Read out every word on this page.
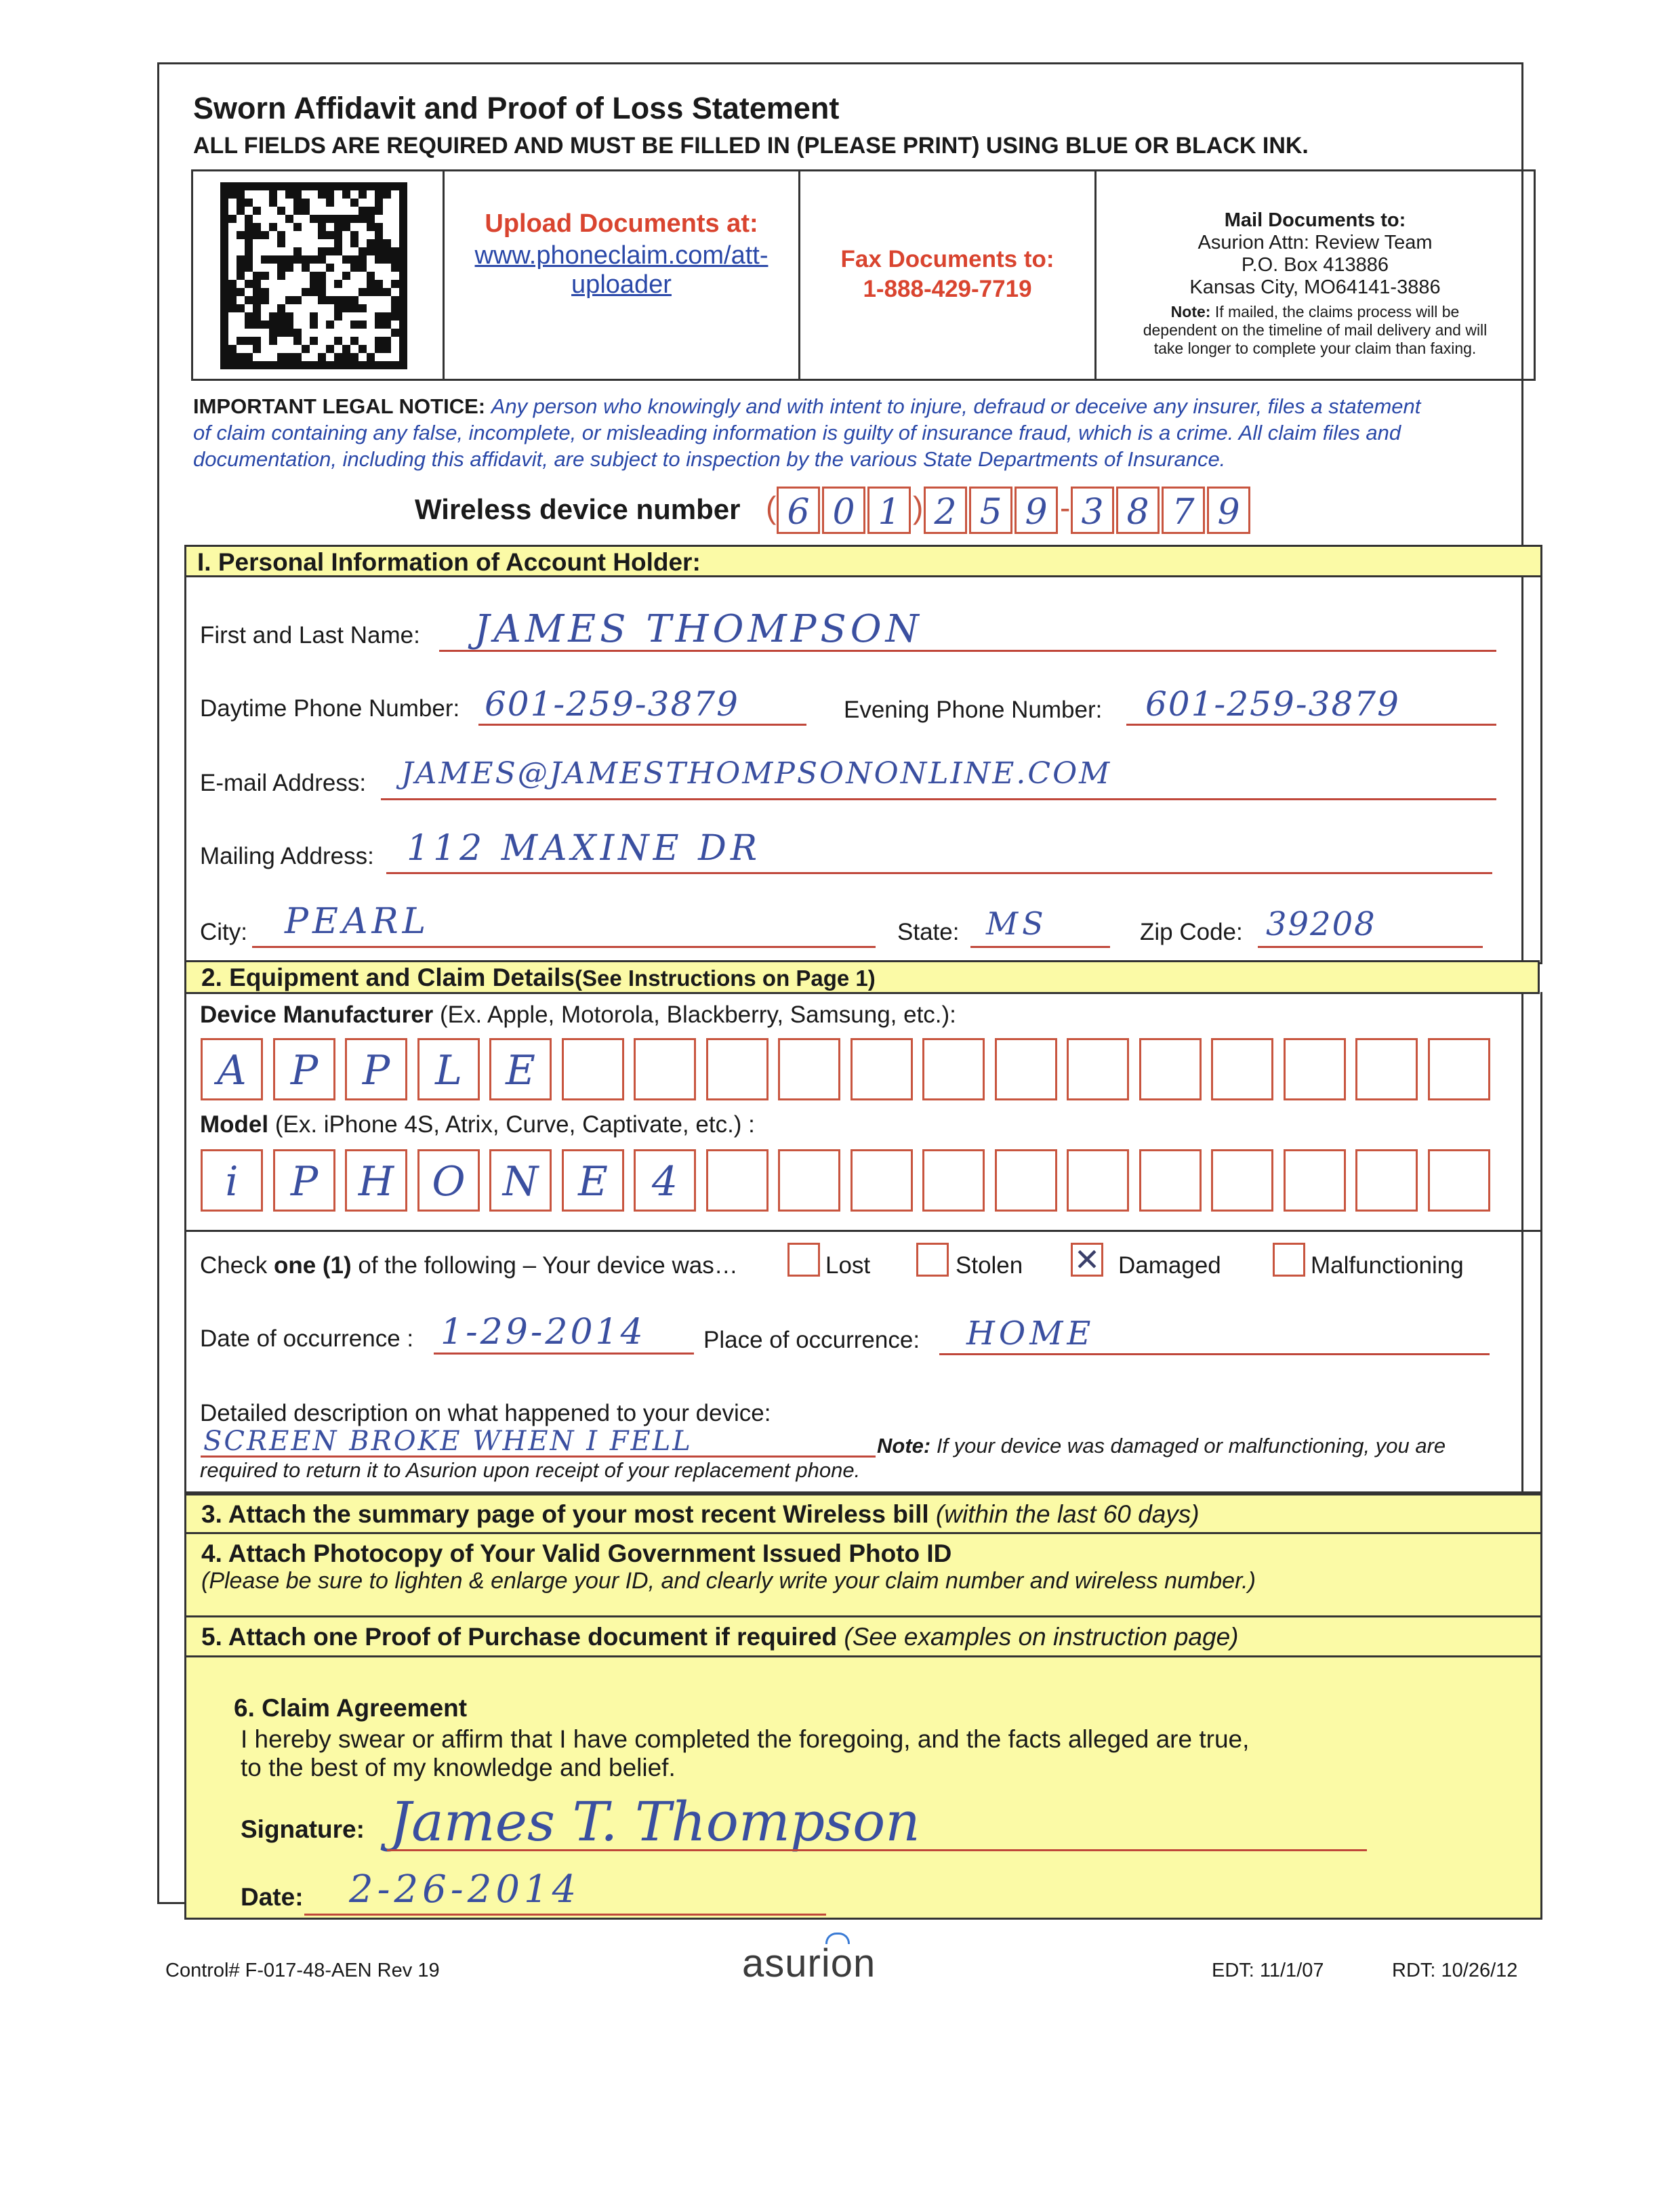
Sworn Affidavit and Proof of Loss Statement
ALL FIELDS ARE REQUIRED AND MUST BE FILLED IN (PLEASE PRINT) USING BLUE OR BLACK INK.
Upload Documents at:
www.phoneclaim.com/att-
uploader
Fax Documents to:
1-888-429-7719
Mail Documents to:
Asurion Attn: Review Team
P.O. Box 413886
Kansas City, MO64141-3886
Note: If mailed, the claims process will be
dependent on the timeline of mail delivery and will
take longer to complete your claim than faxing.
IMPORTANT LEGAL NOTICE: Any person who knowingly and with intent to injure, defraud or deceive any insurer, files a statement
of claim containing any false, incomplete, or misleading information is guilty of insurance fraud, which is a crime. All claim files and
documentation, including this affidavit, are subject to inspection by the various State Departments of Insurance.
Wireless device number ( 6 0 1 ) 2 5 9 - 3 8 7 9
I. Personal Information of Account Holder:
First and Last Name: JAMES THOMPSON
Daytime Phone Number: 601-259-3879	Evening Phone Number: 601-259-3879
E-mail Address: JAMES@JAMESTHOMPSONONLINE.COM
Mailing Address: 112 MAXINE DR
City: PEARL	State: MS	Zip Code: 39208
2. Equipment and Claim Details(See Instructions on Page 1)
Device Manufacturer (Ex. Apple, Motorola, Blackberry, Samsung, etc.):
A	P	P	L	E
Model (Ex. iPhone 4S, Atrix, Curve, Captivate, etc.) :
i	P H O N E	4
Check one (1) of the following – Your device was…	Lost	Stolen ✕ Damaged	Malfunctioning
Date of occurrence : 1-29-2014 Place of occurrence: HOME
Detailed description on what happened to your device:
SCREEN BROKE WHEN I FELL	Note: If your device was damaged or malfunctioning, you are
required to return it to Asurion upon receipt of your replacement phone.
3. Attach the summary page of your most recent Wireless bill (within the last 60 days)
4. Attach Photocopy of Your Valid Government Issued Photo ID
(Please be sure to lighten & enlarge your ID, and clearly write your claim number and wireless number.)
5. Attach one Proof of Purchase document if required (See examples on instruction page)
6. Claim Agreement
I hereby swear or affirm that I have completed the foregoing, and the facts alleged are true,
to the best of my knowledge and belief.
Signature: James T. Thompson
Date: 2-26-2014
Control# F-017-48-AEN Rev 19	asurion	EDT: 11/1/07	RDT: 10/26/12
